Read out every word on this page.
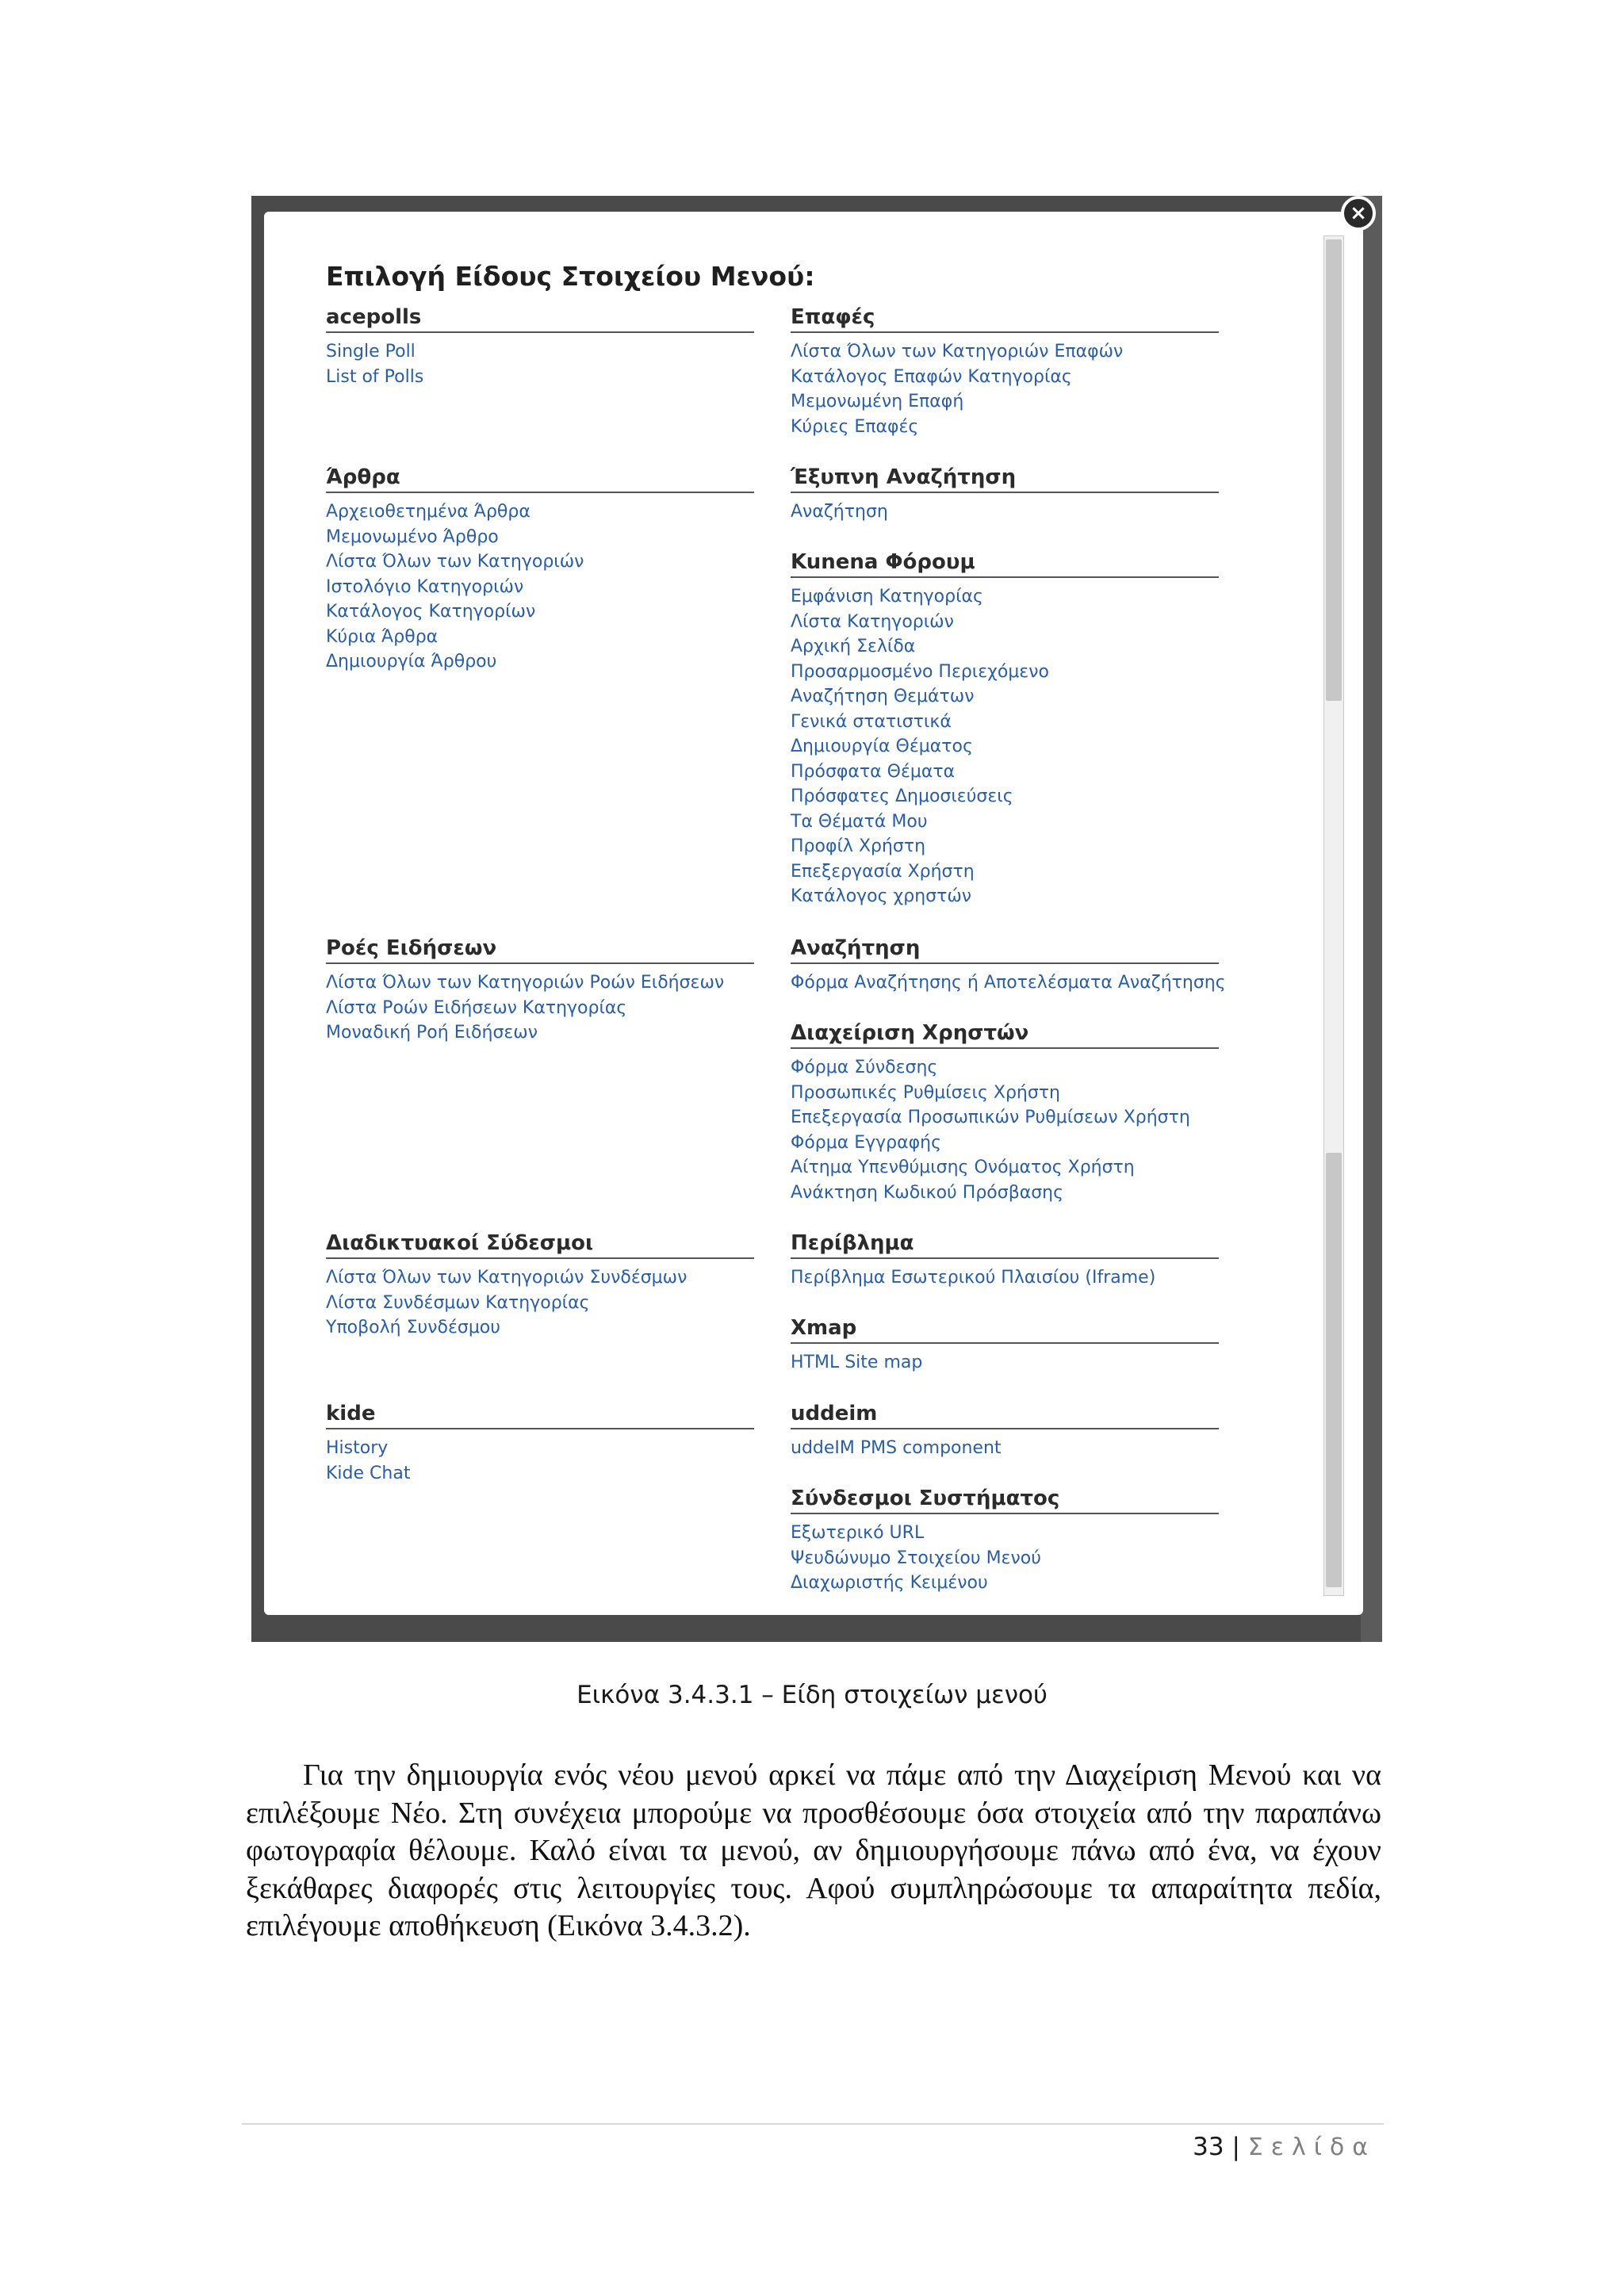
Επιλογή Είδους Στοιχείου Μενού:
acepolls
Single Poll
List of Polls
Άρθρα
Αρχειοθετημένα Άρθρα
Μεμονωμένο Άρθρο
Λίστα Όλων των Κατηγοριών
Ιστολόγιο Κατηγοριών
Κατάλογος Κατηγορίων
Κύρια Άρθρα
Δημιουργία Άρθρου
Ροές Ειδήσεων
Λίστα Όλων των Κατηγοριών Ροών Ειδήσεων
Λίστα Ροών Ειδήσεων Κατηγορίας
Μοναδική Ροή Ειδήσεων
Διαδικτυακοί Σύδεσμοι
Λίστα Όλων των Κατηγοριών Συνδέσμων
Λίστα Συνδέσμων Κατηγορίας
Υποβολή Συνδέσμου
kide
History
Kide Chat
Επαφές
Λίστα Όλων των Κατηγοριών Επαφών
Κατάλογος Επαφών Κατηγορίας
Μεμονωμένη Επαφή
Κύριες Επαφές
Έξυπνη Αναζήτηση
Αναζήτηση
Kunena Φόρουμ
Εμφάνιση Κατηγορίας
Λίστα Κατηγοριών
Αρχική Σελίδα
Προσαρμοσμένο Περιεχόμενο
Αναζήτηση Θεμάτων
Γενικά στατιστικά
Δημιουργία Θέματος
Πρόσφατα Θέματα
Πρόσφατες Δημοσιεύσεις
Τα Θέματά Μου
Προφίλ Χρήστη
Επεξεργασία Χρήστη
Κατάλογος χρηστών
Αναζήτηση
Φόρμα Αναζήτησης ή Αποτελέσματα Αναζήτησης
Διαχείριση Χρηστών
Φόρμα Σύνδεσης
Προσωπικές Ρυθμίσεις Χρήστη
Επεξεργασία Προσωπικών Ρυθμίσεων Χρήστη
Φόρμα Εγγραφής
Αίτημα Υπενθύμισης Ονόματος Χρήστη
Ανάκτηση Κωδικού Πρόσβασης
Περίβλημα
Περίβλημα Εσωτερικού Πλαισίου (Iframe)
Xmap
HTML Site map
uddeim
uddeIM PMS component
Σύνδεσμοι Συστήματος
Εξωτερικό URL
Ψευδώνυμο Στοιχείου Μενού
Διαχωριστής Κειμένου
×

Εικόνα 3.4.3.1 – Είδη στοιχείων μενού

Για την δημιουργία ενός νέου μενού αρκεί να πάμε από την Διαχείριση Μενού και να επιλέξουμε Νέο. Στη συνέχεια μπορούμε να προσθέσουμε όσα στοιχεία από την παραπάνω φωτογραφία θέλουμε. Καλό είναι τα μενού, αν δημιουργήσουμε πάνω από ένα, να έχουν ξεκάθαρες διαφορές στις λειτουργίες τους. Αφού συμπληρώσουμε τα απαραίτητα πεδία, επιλέγουμε αποθήκευση (Εικόνα 3.4.3.2).

33 | Σελίδα
